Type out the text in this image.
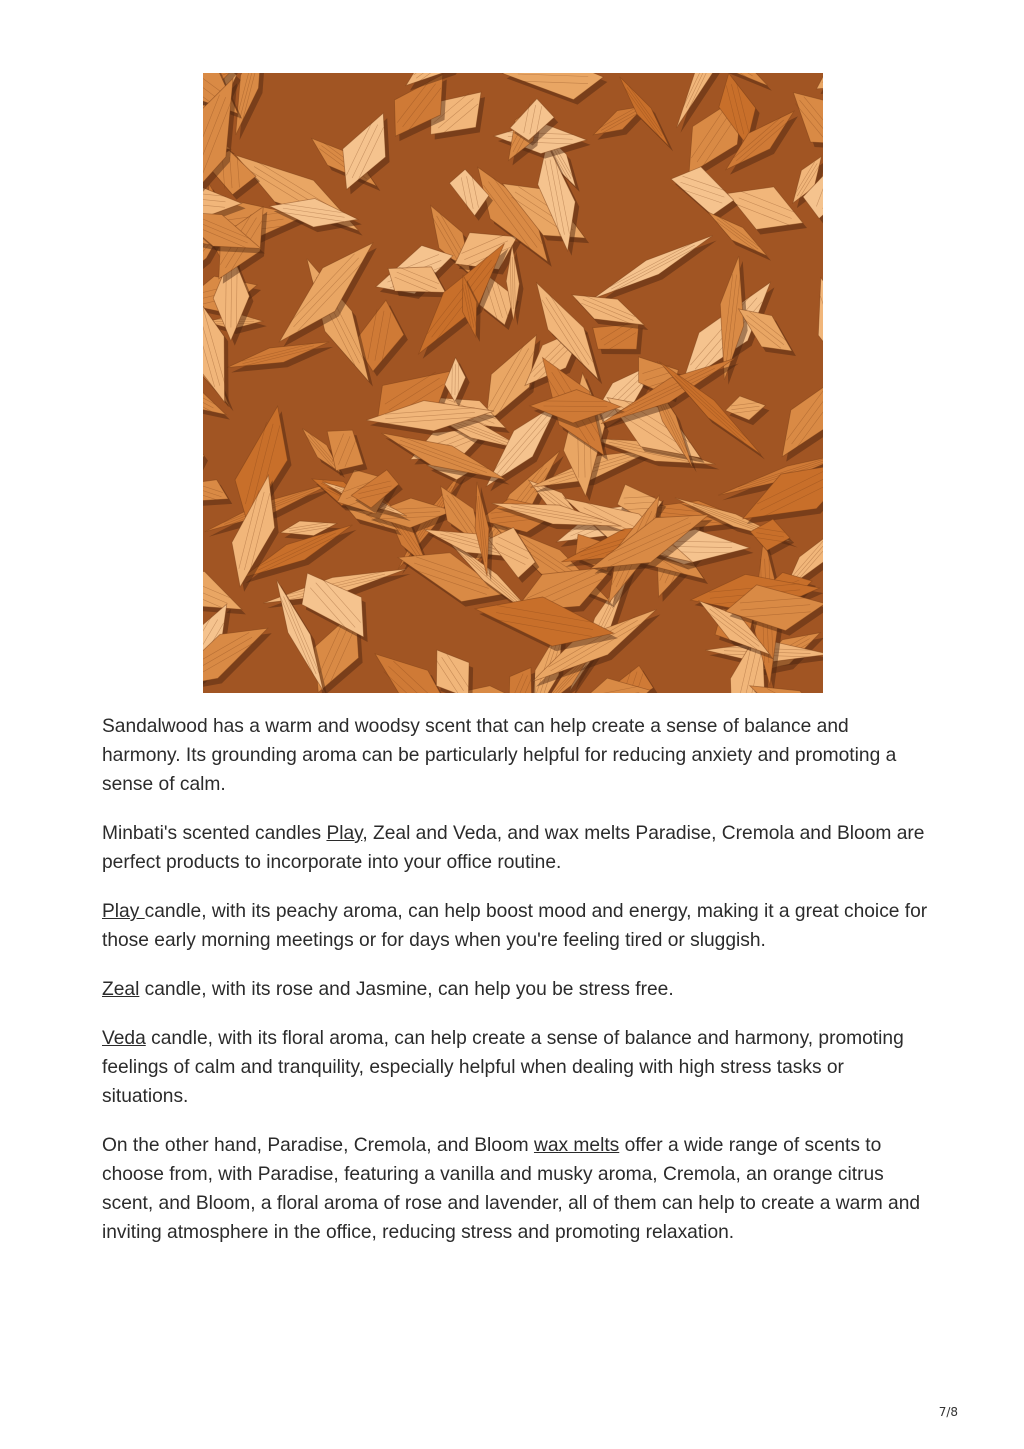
Sandalwood has a warm and woodsy scent that can help create a sense of balance and harmony. Its grounding aroma can be particularly helpful for reducing anxiety and promoting a sense of calm.

Minbati's scented candles Play, Zeal and Veda, and wax melts Paradise, Cremola and Bloom are perfect products to incorporate into your office routine.

Play candle, with its peachy aroma, can help boost mood and energy, making it a great choice for those early morning meetings or for days when you're feeling tired or sluggish.

Zeal candle, with its rose and Jasmine, can help you be stress free.

Veda candle, with its floral aroma, can help create a sense of balance and harmony, promoting feelings of calm and tranquility, especially helpful when dealing with high stress tasks or situations.

On the other hand, Paradise, Cremola, and Bloom wax melts offer a wide range of scents to choose from, with Paradise, featuring a vanilla and musky aroma, Cremola, an orange citrus scent, and Bloom, a floral aroma of rose and lavender, all of them can help to create a warm and inviting atmosphere in the office, reducing stress and promoting relaxation.

7/8
